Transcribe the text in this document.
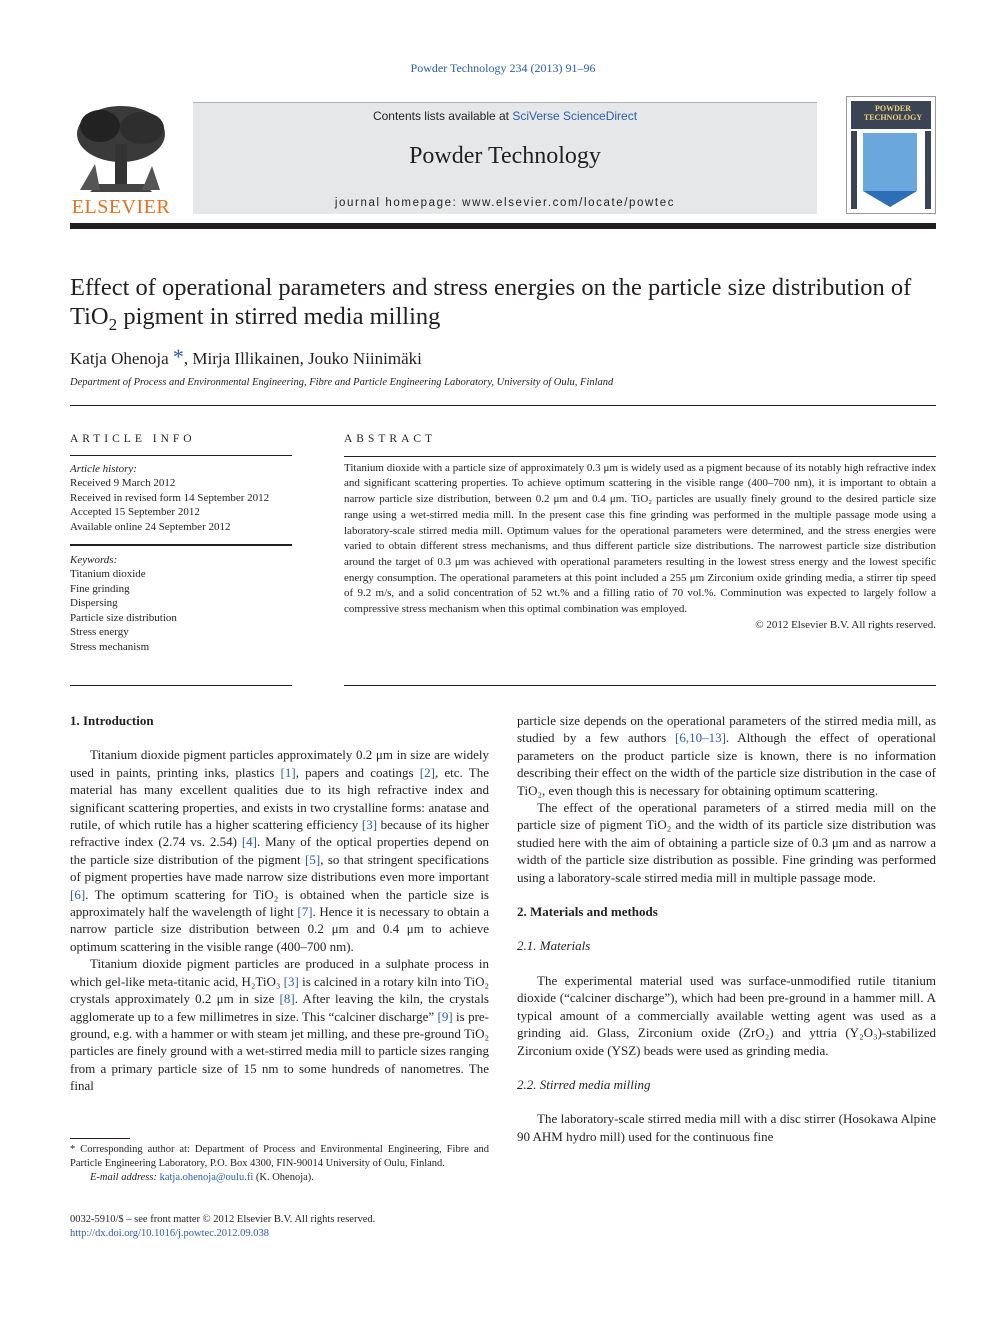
Powder Technology 234 (2013) 91–96
ELSEVIER
Contents lists available at SciVerse ScienceDirect
Powder Technology
journal homepage: www.elsevier.com/locate/powtec
POWDER TECHNOLOGY
Effect of operational parameters and stress energies on the particle size distribution of TiO$_2$ pigment in stirred media milling
Katja Ohenoja *, Mirja Illikainen, Jouko Niinimäki
Department of Process and Environmental Engineering, Fibre and Particle Engineering Laboratory, University of Oulu, Finland
ARTICLE INFO
Article history:
Received 9 March 2012
Received in revised form 14 September 2012
Accepted 15 September 2012
Available online 24 September 2012
Keywords:
Titanium dioxide
Fine grinding
Dispersing
Particle size distribution
Stress energy
Stress mechanism
ABSTRACT
Titanium dioxide with a particle size of approximately 0.3 μm is widely used as a pigment because of its notably high refractive index and significant scattering properties. To achieve optimum scattering in the visible range (400–700 nm), it is important to obtain a narrow particle size distribution, between 0.2 μm and 0.4 μm. TiO₂ particles are usually finely ground to the desired particle size range using a wet-stirred media mill. In the present case this fine grinding was performed in the multiple passage mode using a laboratory-scale stirred media mill. Optimum values for the operational parameters were determined, and the stress energies were varied to obtain different stress mechanisms, and thus different particle size distributions. The narrowest particle size distribution around the target of 0.3 μm was achieved with operational parameters resulting in the lowest stress energy and the lowest specific energy consumption. The operational parameters at this point included a 255 μm Zirconium oxide grinding media, a stirrer tip speed of 9.2 m/s, and a solid concentration of 52 wt.% and a filling ratio of 70 vol.%. Comminution was expected to largely follow a compressive stress mechanism when this optimal combination was employed.
© 2012 Elsevier B.V. All rights reserved.
1. Introduction
Titanium dioxide pigment particles approximately 0.2 μm in size are widely used in paints, printing inks, plastics [1], papers and coatings [2], etc. The material has many excellent qualities due to its high refractive index and significant scattering properties, and exists in two crystalline forms: anatase and rutile, of which rutile has a higher scattering efficiency [3] because of its higher refractive index (2.74 vs. 2.54) [4]. Many of the optical properties depend on the particle size distribution of the pigment [5], so that stringent specifications of pigment properties have made narrow size distributions even more important [6]. The optimum scattering for TiO₂ is obtained when the particle size is approximately half the wavelength of light [7]. Hence it is necessary to obtain a narrow particle size distribution between 0.2 μm and 0.4 μm to achieve optimum scattering in the visible range (400–700 nm).
Titanium dioxide pigment particles are produced in a sulphate process in which gel-like meta-titanic acid, H₂TiO₃ [3] is calcined in a rotary kiln into TiO₂ crystals approximately 0.2 μm in size [8]. After leaving the kiln, the crystals agglomerate up to a few millimetres in size. This “calciner discharge” [9] is pre-ground, e.g. with a hammer or with steam jet milling, and these pre-ground TiO₂ particles are finely ground with a wet-stirred media mill to particle sizes ranging from a primary particle size of 15 nm to some hundreds of nanometres. The final
* Corresponding author at: Department of Process and Environmental Engineering, Fibre and Particle Engineering Laboratory, P.O. Box 4300, FIN-90014 University of Oulu, Finland.
E-mail address: katja.ohenoja@oulu.fi (K. Ohenoja).
0032-5910/$ – see front matter © 2012 Elsevier B.V. All rights reserved.
http://dx.doi.org/10.1016/j.powtec.2012.09.038
particle size depends on the operational parameters of the stirred media mill, as studied by a few authors [6,10–13]. Although the effect of operational parameters on the product particle size is known, there is no information describing their effect on the width of the particle size distribution in the case of TiO₂, even though this is necessary for obtaining optimum scattering.
The effect of the operational parameters of a stirred media mill on the particle size of pigment TiO₂ and the width of its particle size distribution was studied here with the aim of obtaining a particle size of 0.3 μm and as narrow a width of the particle size distribution as possible. Fine grinding was performed using a laboratory-scale stirred media mill in multiple passage mode.
2. Materials and methods
2.1. Materials
The experimental material used was surface-unmodified rutile titanium dioxide (“calciner discharge”), which had been pre-ground in a hammer mill. A typical amount of a commercially available wetting agent was used as a grinding aid. Glass, Zirconium oxide (ZrO₂) and yttria (Y₂O₃)-stabilized Zirconium oxide (YSZ) beads were used as grinding media.
2.2. Stirred media milling
The laboratory-scale stirred media mill with a disc stirrer (Hosokawa Alpine 90 AHM hydro mill) used for the continuous fine
